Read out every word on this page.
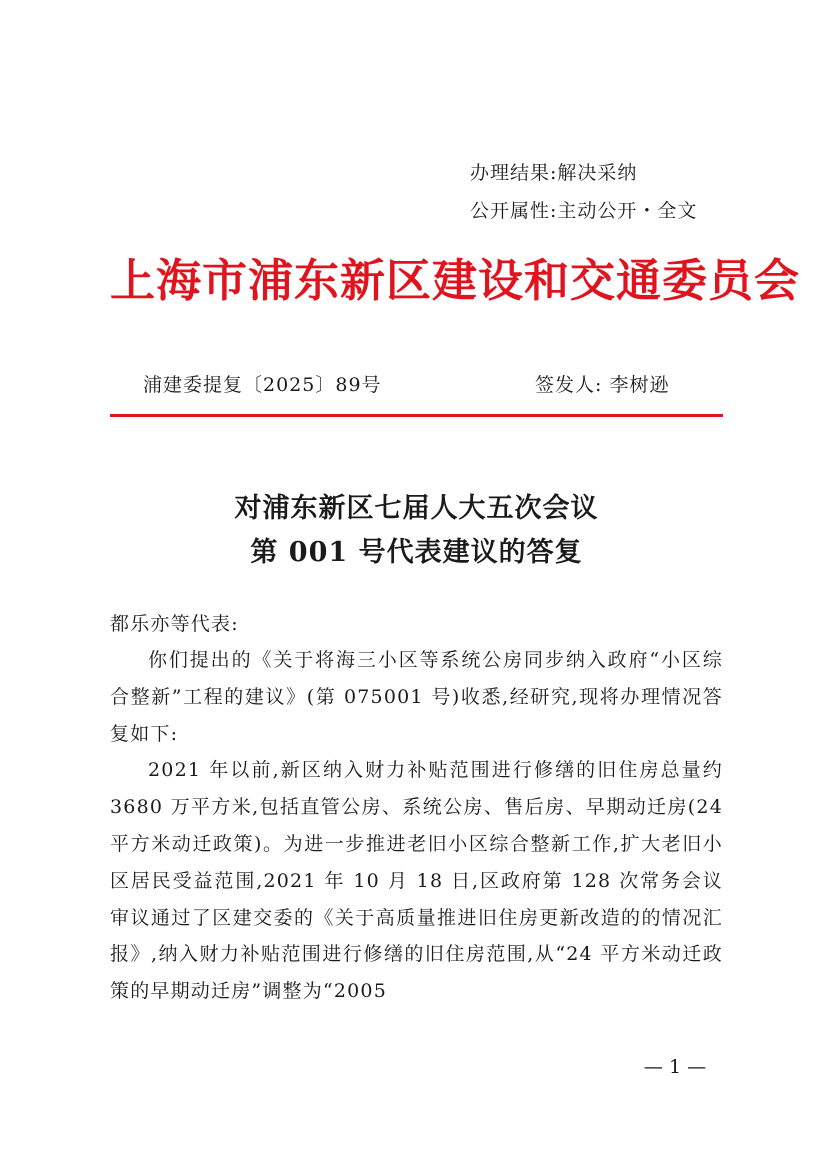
办理结果:解决采纳
公开属性:主动公开・全文
上海市浦东新区建设和交通委员会
浦建委提复〔2025〕89号	签发人: 李树逊
对浦东新区七届人大五次会议
第 001 号代表建议的答复
都乐亦等代表:

你们提出的《关于将海三小区等系统公房同步纳入政府“小区综合整新”工程的建议》(第 075001 号)收悉,经研究,现将办理情况答复如下:

2021 年以前,新区纳入财力补贴范围进行修缮的旧住房总量约 3680 万平方米,包括直管公房、系统公房、售后房、早期动迁房(24 平方米动迁政策)。为进一步推进老旧小区综合整新工作,扩大老旧小区居民受益范围,2021 年 10 月 18 日,区政府第 128 次常务会议审议通过了区建交委的《关于高质量推进旧住房更新改造的的情况汇报》,纳入财力补贴范围进行修缮的旧住房范围,从“24 平方米动迁政策的早期动迁房”调整为“2005

— 1 —
